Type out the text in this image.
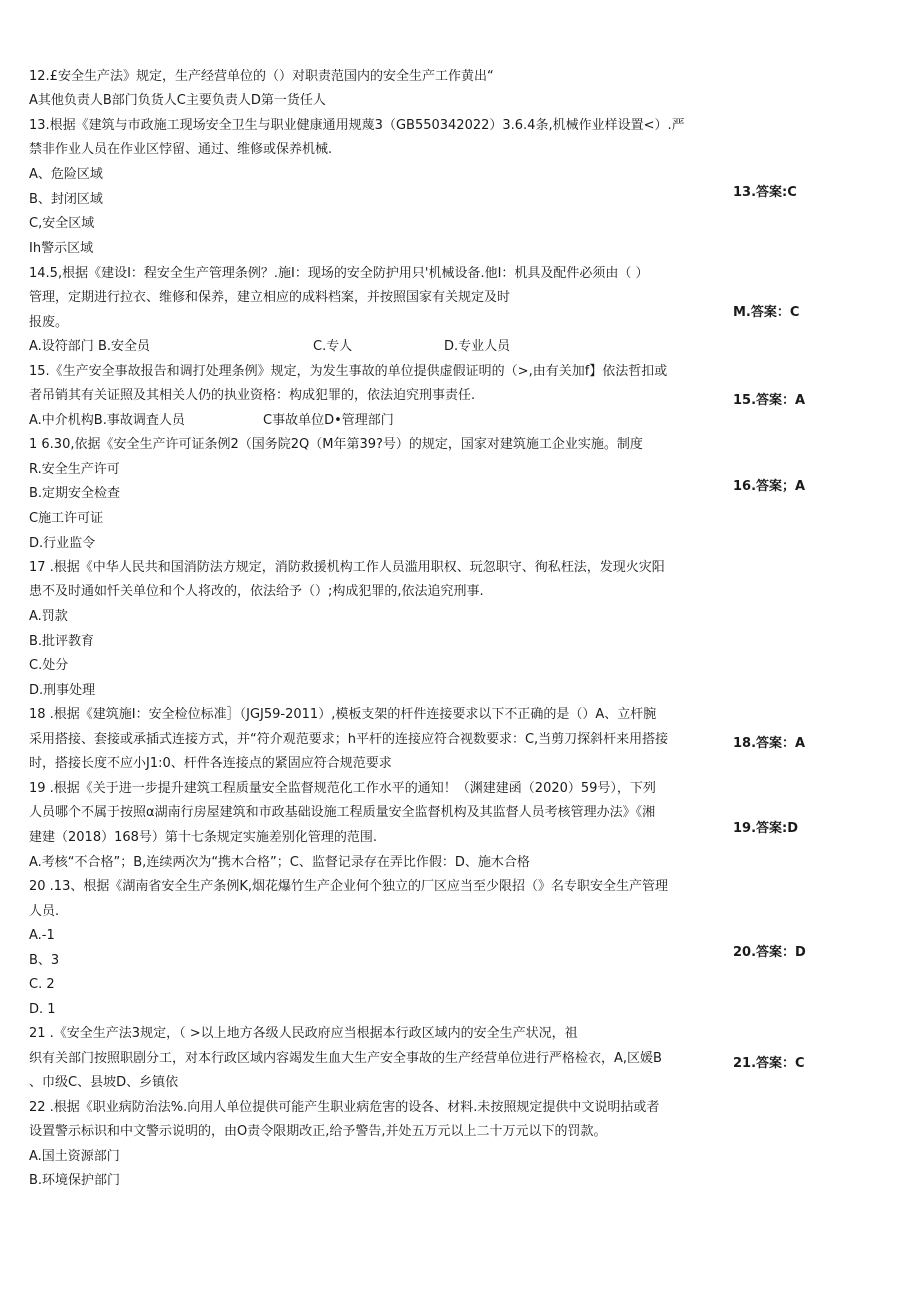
12.£安全生产法》规定，生产经营单位的（）对职责范国内的安全生产工作黄出“
A其他负责人B部门负货人C主要负责人D第一货任人
13.根据《建筑与巿政施工现场安全卫生与职业健康通用规蔑3（GB550342022）3.6.4条,机械作业样设置<）.严
禁非作业人员在作业区悖留、通过、维修或保养机械.
A、危险区域
B、封闭区域
C,安全区域
Ih警示区域
13.答案:C
14.5,根据《建设I：程安全生产管理条例？.施I：现场的安全防护用只'机械设备.他I：机具及配件必须由（ ）
管理，定期进行拉衣、维修和保养，建立相应的成料档案，并按照国家有关规定及时
报废。
A.设符部门 B.安全员	C.专人	D.专业人员
M.答案：C
15.《生产安全事故报告和调打处理条例》规定，为发生事故的单位提供虚假证明的（>,由有关加f】依法哲扣或
者吊销其有关证照及其相关人仍的执业资格：构成犯罪的，依法迫究刑事责任.
A.中介机构B.事故调査人员	C事故单位D•管理部门
15.答案：A
1 6.30,依据《安全生产许可证条例2（国务院2Q（M年第39?号）的规定，国家对建筑施工企业实施。制度
R.安全生产许可
B.定期安全检查
C施工许可证
D.行业监令
16.答案；A
17 .根据《中华人民共和国消防法方规定，消防救援机构工作人员滥用职权、玩忽职守、徇私枉法，发现火灾阳
患不及时通如忏关单位和个人将改的，依法给予（）;构成犯罪的,依法追究刑事.
A.罚款
B.批评教育
C.处分
D.刑事处理
18 .根据《建筑施I：安全检位标准］（JGJ59-2011）,模板支架的杆件连接要求以下不正确的是（）A、立杆腕
采用搭接、套接或承插式连接方式，并“符介观范要求；h平杆的连接应符合视数要求：C,当剪刀探斜杆来用搭接
时，搭接长度不应小J1:0、杆件各连接点的紧固应符合规范要求
18.答案：A
19 .根据《关于进一步提升建筑工程质量安全监督规范化工作水平的通知！（渊建建函（2020）59号），下列
人员哪个不属于按照α湖南行房屋建筑和市政基础设施工程质量安全监督机构及其监督人员考核管理办法》《湘
建建（2018）168号）第十七条规定实施差别化管理的范围.
A.考核“不合格”；B,连续两次为“携木合格”；C、监督记录存在弄比作假：D、施木合格
19.答案:D
20 .13、根据《湖南省安全生产条例K,烟花爆竹生产企业何个独立的厂区应当至少限招（》名专职安全生产管理
人员.
A.-1
B、3
C. 2
D. 1
20.答案：D
21 .《安全生产法3规定，（ >以上地方各级人民政府应当根据本行政区域内的安全生产状况，祖
织有关部门按照职剧分工，对本行政区域内容竭发生血大生产安全事故的生产经营单位进行严格检衣，A,区媛B
、巾级C、县坡D、乡镇依
21.答案：C
22 .根据《职业病防治法%.向用人单位提供可能产生职业病危害的设各、材料.未按照规定提供中文说明拈或者
设置警示标识和中文警示说明的，由O责令限期改正,给予警告,并处五万元以上二十万元以下的罚款。
A.国土资源部门
B.环境保护部门
